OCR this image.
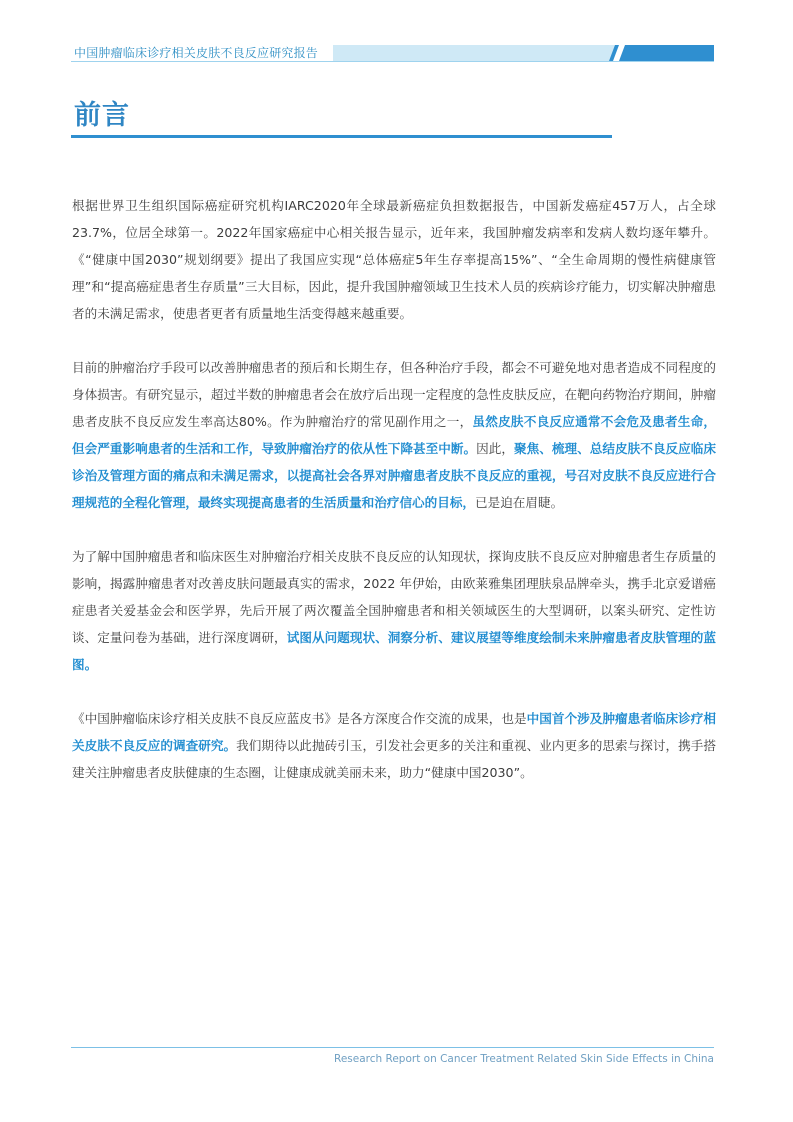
中国肿瘤临床诊疗相关皮肤不良反应研究报告
前言

根据世界卫生组织国际癌症研究机构IARC2020年全球最新癌症负担数据报告，中国新发癌症457万人，占全球23.7%，位居全球第一。2022年国家癌症中心相关报告显示，近年来，我国肿瘤发病率和发病人数均逐年攀升。《“健康中国2030”规划纲要》提出了我国应实现“总体癌症5年生存率提高15%”、“全生命周期的慢性病健康管理”和“提高癌症患者生存质量”三大目标，因此，提升我国肿瘤领域卫生技术人员的疾病诊疗能力，切实解决肿瘤患者的未满足需求，使患者更者有质量地生活变得越来越重要。

目前的肿瘤治疗手段可以改善肿瘤患者的预后和长期生存，但各种治疗手段，都会不可避免地对患者造成不同程度的身体损害。有研究显示，超过半数的肿瘤患者会在放疗后出现一定程度的急性皮肤反应，在靶向药物治疗期间，肿瘤患者皮肤不良反应发生率高达80%。作为肿瘤治疗的常见副作用之一，虽然皮肤不良反应通常不会危及患者生命，但会严重影响患者的生活和工作，导致肿瘤治疗的依从性下降甚至中断。因此，聚焦、梳理、总结皮肤不良反应临床诊治及管理方面的痛点和未满足需求，以提高社会各界对肿瘤患者皮肤不良反应的重视，号召对皮肤不良反应进行合理规范的全程化管理，最终实现提高患者的生活质量和治疗信心的目标，已是迫在眉睫。

为了解中国肿瘤患者和临床医生对肿瘤治疗相关皮肤不良反应的认知现状，探询皮肤不良反应对肿瘤患者生存质量的影响，揭露肿瘤患者对改善皮肤问题最真实的需求，2022 年伊始，由欧莱雅集团理肤泉品牌牵头，携手北京爱谱癌症患者关爱基金会和医学界，先后开展了两次覆盖全国肿瘤患者和相关领域医生的大型调研，以案头研究、定性访谈、定量问卷为基础，进行深度调研，试图从问题现状、洞察分析、建议展望等维度绘制未来肿瘤患者皮肤管理的蓝图。

《中国肿瘤临床诊疗相关皮肤不良反应蓝皮书》是各方深度合作交流的成果，也是中国首个涉及肿瘤患者临床诊疗相关皮肤不良反应的调查研究。我们期待以此抛砖引玉，引发社会更多的关注和重视、业内更多的思索与探讨，携手搭建关注肿瘤患者皮肤健康的生态圈，让健康成就美丽未来，助力“健康中国2030”。

Research Report on Cancer Treatment Related Skin Side Effects in China
